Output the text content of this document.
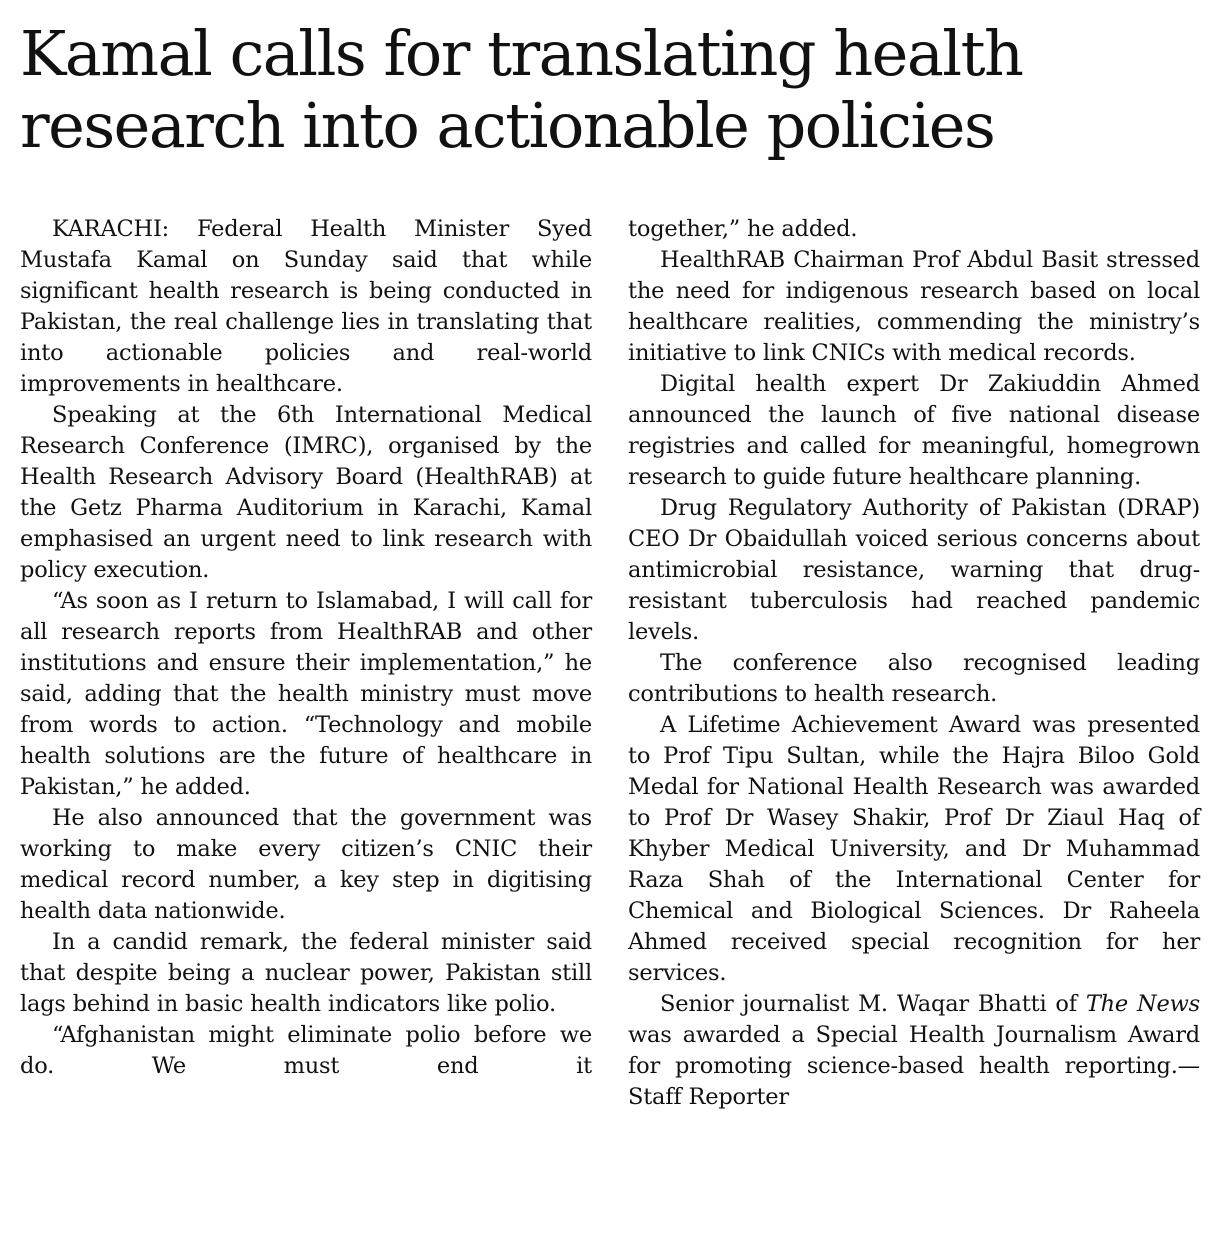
Kamal calls for translating health
research into actionable policies

KARACHI: Federal Health Minister Syed Mustafa Kamal on Sunday said that while significant health research is being conducted in Pakistan, the real challenge lies in translating that into actionable policies and real-world improvements in healthcare.

Speaking at the 6th International Medical Research Conference (IMRC), organised by the Health Research Advisory Board (HealthRAB) at the Getz Pharma Auditorium in Karachi, Kamal emphasised an urgent need to link research with policy execution.

“As soon as I return to Islamabad, I will call for all research reports from HealthRAB and other institutions and ensure their implementation,” he said, adding that the health ministry must move from words to action. “Technology and mobile health solutions are the future of healthcare in Pakistan,” he added.

He also announced that the government was working to make every citizen’s CNIC their medical record number, a key step in digitising health data nationwide.

In a candid remark, the federal minister said that despite being a nuclear power, Pakistan still lags behind in basic health indicators like polio.

“Afghanistan might eliminate polio before we do. We must end it

together,” he added.

HealthRAB Chairman Prof Abdul Basit stressed the need for indigenous research based on local healthcare realities, commending the ministry’s initiative to link CNICs with medical records.

Digital health expert Dr Zakiuddin Ahmed announced the launch of five national disease registries and called for meaningful, homegrown research to guide future healthcare planning.

Drug Regulatory Authority of Pakistan (DRAP) CEO Dr Obaidullah voiced serious concerns about antimicrobial resistance, warning that drug-resistant tuberculosis had reached pandemic levels.

The conference also recognised leading contributions to health research.

A Lifetime Achievement Award was presented to Prof Tipu Sultan, while the Hajra Biloo Gold Medal for National Health Research was awarded to Prof Dr Wasey Shakir, Prof Dr Ziaul Haq of Khyber Medical University, and Dr Muhammad Raza Shah of the International Center for Chemical and Biological Sciences. Dr Raheela Ahmed received special recognition for her services.

Senior journalist M. Waqar Bhatti of The News was awarded a Special Health Journalism Award for promoting science-based health reporting.—Staff Reporter
